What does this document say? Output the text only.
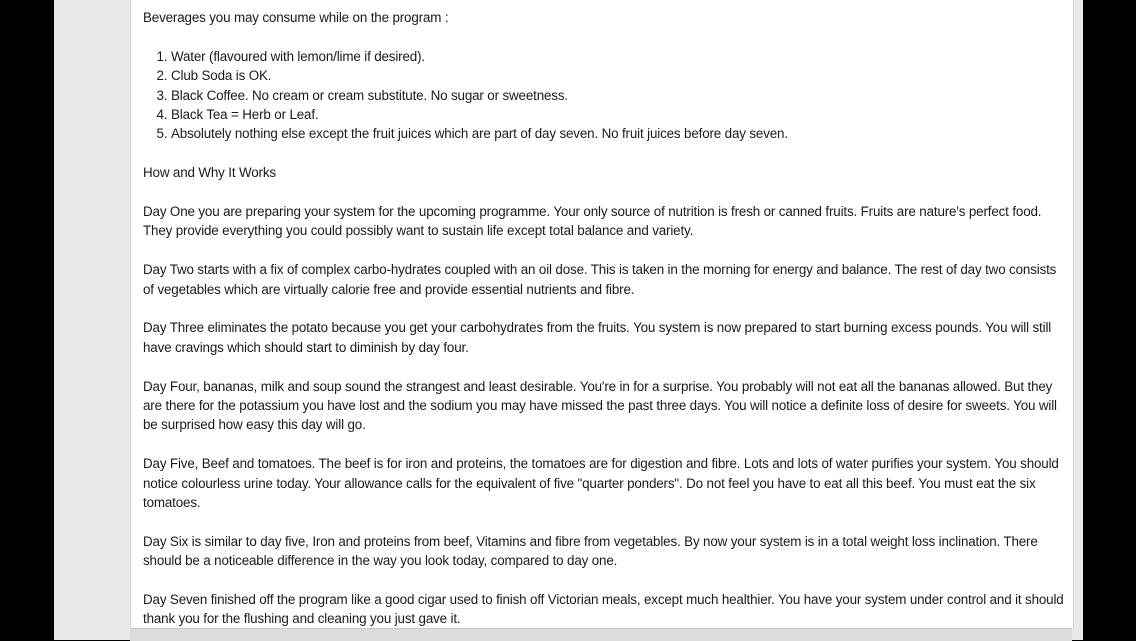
Beverages you may consume while on the program :

1. Water (flavoured with lemon/lime if desired).
2. Club Soda is OK.
3. Black Coffee. No cream or cream substitute. No sugar or sweetness.
4. Black Tea = Herb or Leaf.
5. Absolutely nothing else except the fruit juices which are part of day seven. No fruit juices before day seven.

How and Why It Works

Day One you are preparing your system for the upcoming programme. Your only source of nutrition is fresh or canned fruits. Fruits are nature's perfect food. They provide everything you could possibly want to sustain life except total balance and variety.

Day Two starts with a fix of complex carbo-hydrates coupled with an oil dose. This is taken in the morning for energy and balance. The rest of day two consists of vegetables which are virtually calorie free and provide essential nutrients and fibre.

Day Three eliminates the potato because you get your carbohydrates from the fruits. You system is now prepared to start burning excess pounds. You will still have cravings which should start to diminish by day four.

Day Four, bananas, milk and soup sound the strangest and least desirable. You're in for a surprise. You probably will not eat all the bananas allowed. But they are there for the potassium you have lost and the sodium you may have missed the past three days. You will notice a definite loss of desire for sweets. You will be surprised how easy this day will go.

Day Five, Beef and tomatoes. The beef is for iron and proteins, the tomatoes are for digestion and fibre. Lots and lots of water purifies your system. You should notice colourless urine today. Your allowance calls for the equivalent of five "quarter ponders". Do not feel you have to eat all this beef. You must eat the six tomatoes.

Day Six is similar to day five, Iron and proteins from beef, Vitamins and fibre from vegetables. By now your system is in a total weight loss inclination. There should be a noticeable difference in the way you look today, compared to day one.

Day Seven finished off the program like a good cigar used to finish off Victorian meals, except much healthier. You have your system under control and it should thank you for the flushing and cleaning you just gave it.
